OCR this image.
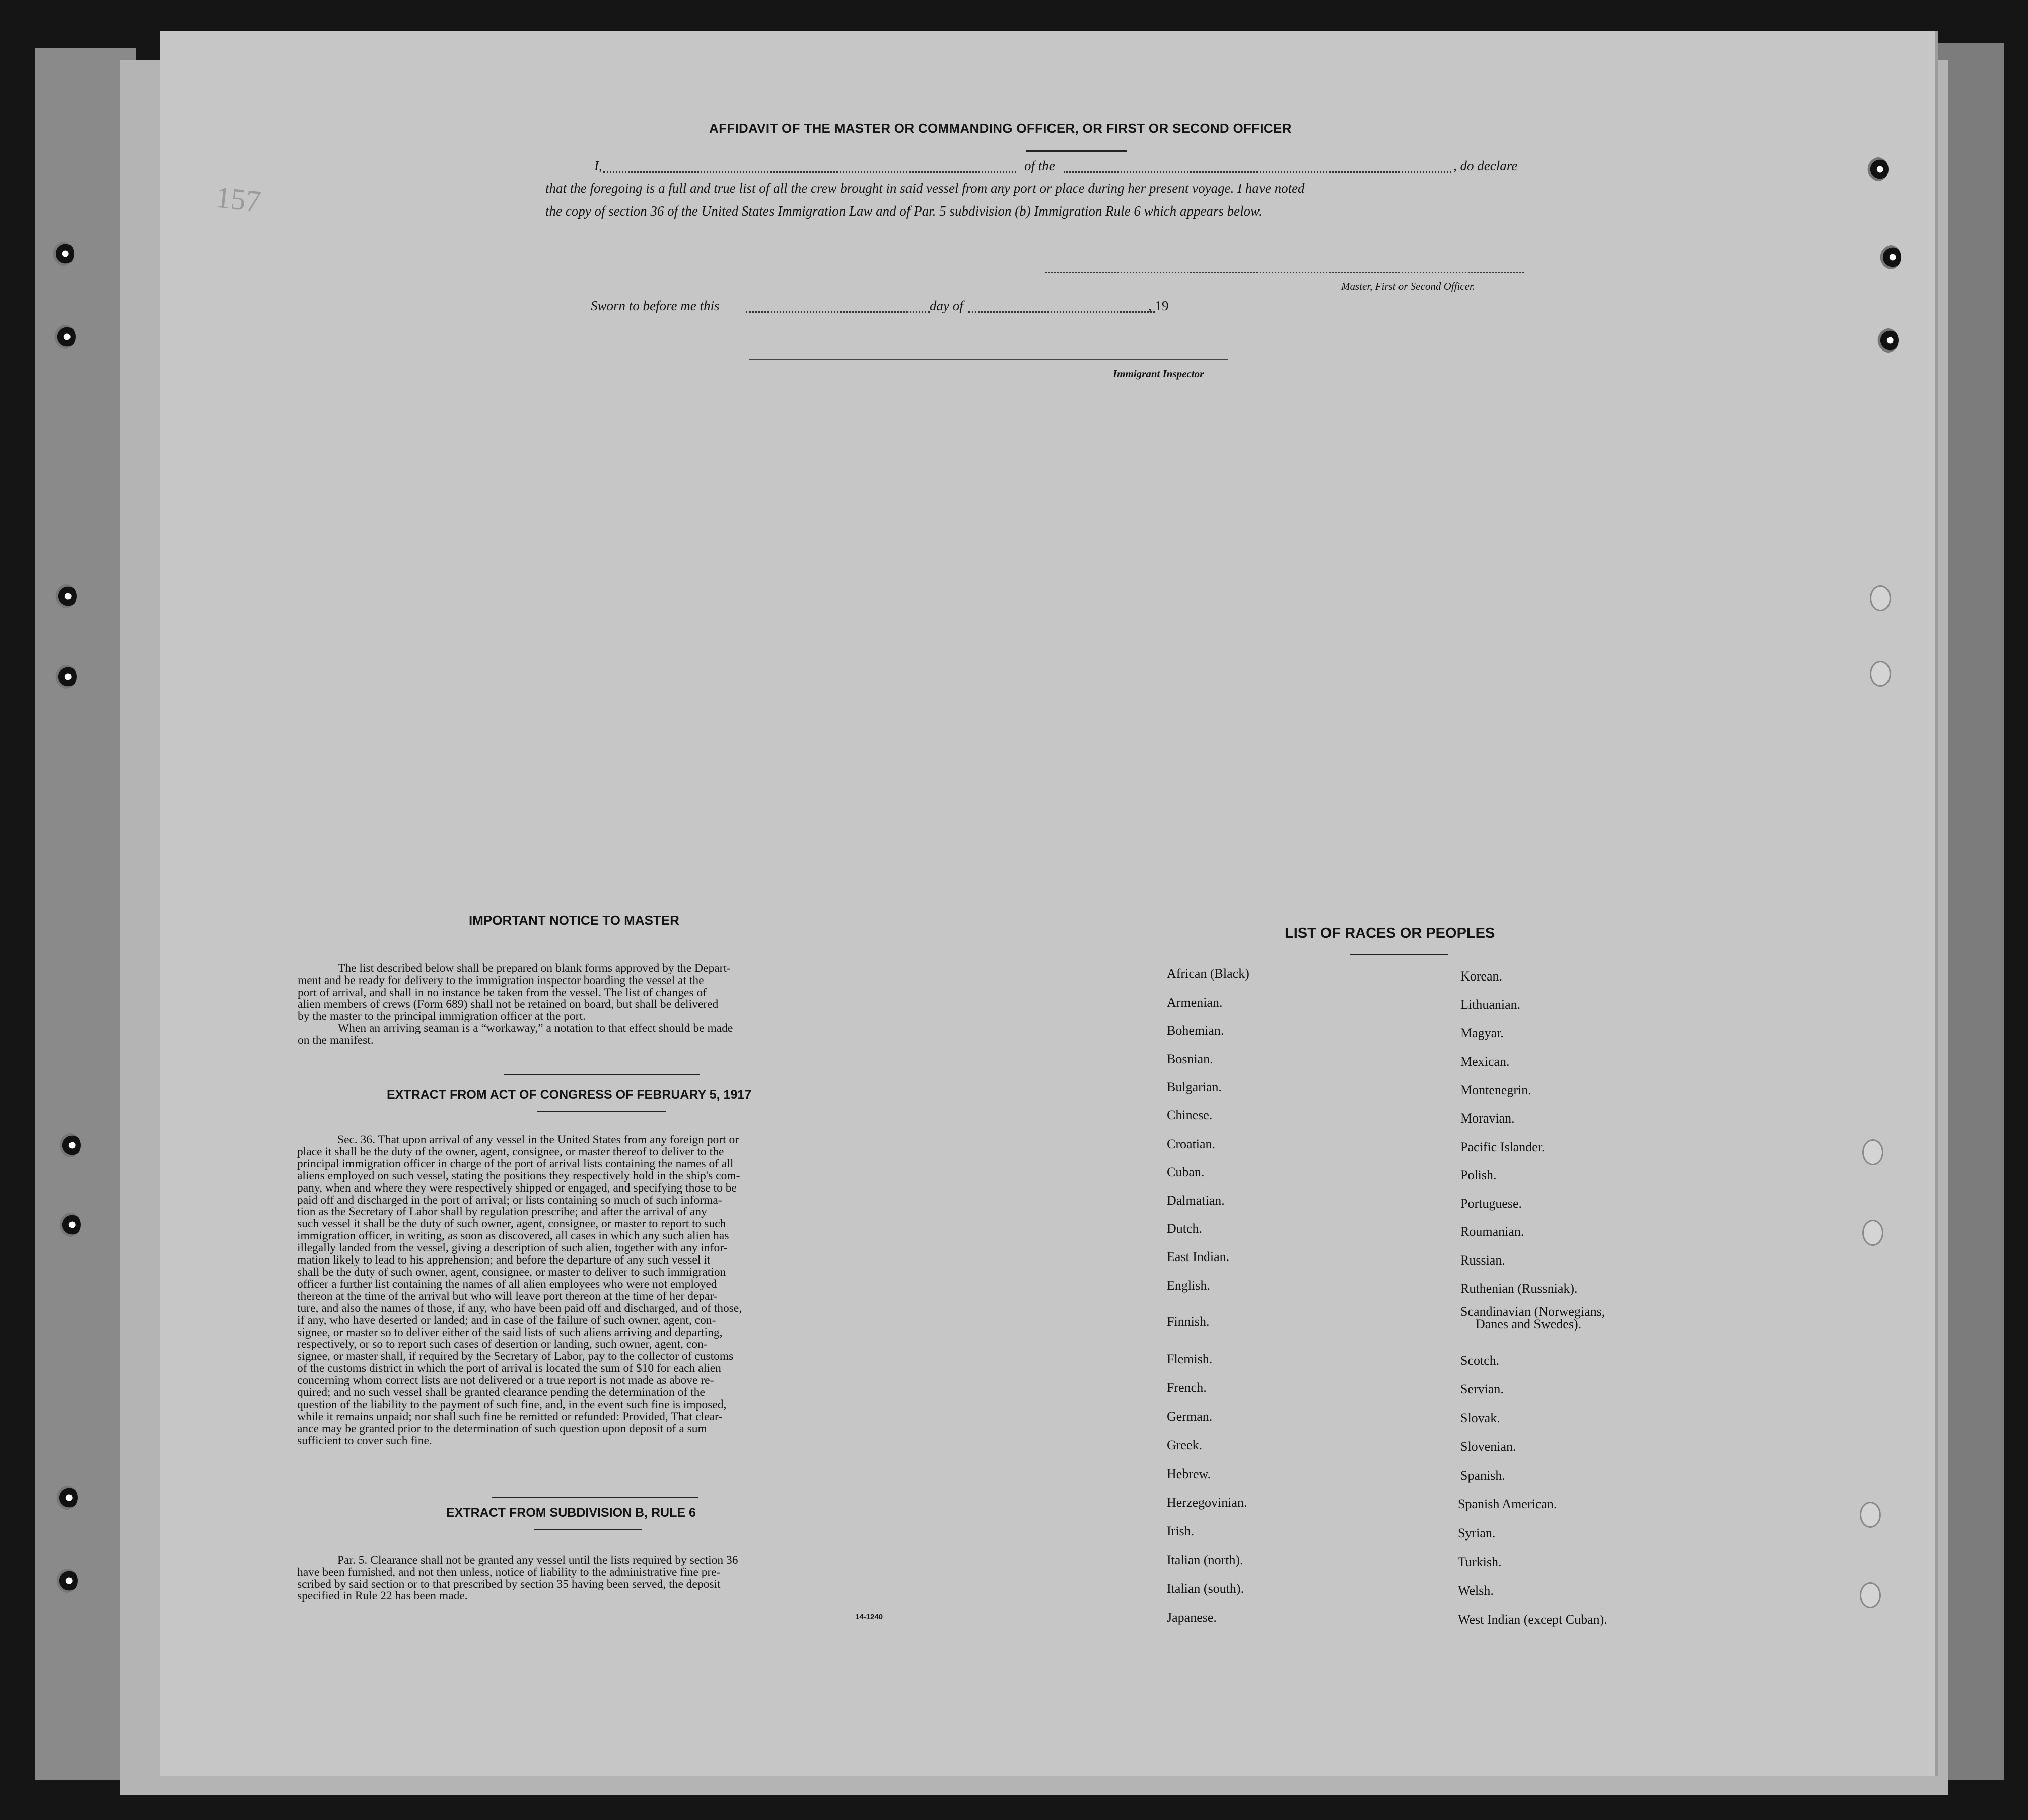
157
AFFIDAVIT OF THE MASTER OR COMMANDING OFFICER, OR FIRST OR SECOND OFFICER
I,	of the	, do declare
that the foregoing is a full and true list of all the crew brought in said vessel from any port or place during her present voyage. I have noted
the copy of section 36 of the United States Immigration Law and of Par. 5 subdivision (b) Immigration Rule 6 which appears below.
Master, First or Second Officer.
Sworn to before me this	day of	, 19
Immigrant Inspector
IMPORTANT NOTICE TO MASTER
The list described below shall be prepared on blank forms approved by the Depart-
ment and be ready for delivery to the immigration inspector boarding the vessel at the
port of arrival, and shall in no instance be taken from the vessel. The list of changes of
alien members of crews (Form 689) shall not be retained on board, but shall be delivered
by the master to the principal immigration officer at the port.
When an arriving seaman is a “workaway,” a notation to that effect should be made
on the manifest.
EXTRACT FROM ACT OF CONGRESS OF FEBRUARY 5, 1917
Sec. 36. That upon arrival of any vessel in the United States from any foreign port or
place it shall be the duty of the owner, agent, consignee, or master thereof to deliver to the
principal immigration officer in charge of the port of arrival lists containing the names of all
aliens employed on such vessel, stating the positions they respectively hold in the ship's com-
pany, when and where they were respectively shipped or engaged, and specifying those to be
paid off and discharged in the port of arrival; or lists containing so much of such informa-
tion as the Secretary of Labor shall by regulation prescribe; and after the arrival of any
such vessel it shall be the duty of such owner, agent, consignee, or master to report to such
immigration officer, in writing, as soon as discovered, all cases in which any such alien has
illegally landed from the vessel, giving a description of such alien, together with any infor-
mation likely to lead to his apprehension; and before the departure of any such vessel it
shall be the duty of such owner, agent, consignee, or master to deliver to such immigration
officer a further list containing the names of all alien employees who were not employed
thereon at the time of the arrival but who will leave port thereon at the time of her depar-
ture, and also the names of those, if any, who have been paid off and discharged, and of those,
if any, who have deserted or landed; and in case of the failure of such owner, agent, con-
signee, or master so to deliver either of the said lists of such aliens arriving and departing,
respectively, or so to report such cases of desertion or landing, such owner, agent, con-
signee, or master shall, if required by the Secretary of Labor, pay to the collector of customs
of the customs district in which the port of arrival is located the sum of $10 for each alien
concerning whom correct lists are not delivered or a true report is not made as above re-
quired; and no such vessel shall be granted clearance pending the determination of the
question of the liability to the payment of such fine, and, in the event such fine is imposed,
while it remains unpaid; nor shall such fine be remitted or refunded: Provided, That clear-
ance may be granted prior to the determination of such question upon deposit of a sum
sufficient to cover such fine.
EXTRACT FROM SUBDIVISION B, RULE 6
Par. 5. Clearance shall not be granted any vessel until the lists required by section 36
have been furnished, and not then unless, notice of liability to the administrative fine pre-
scribed by said section or to that prescribed by section 35 having been served, the deposit
specified in Rule 22 has been made.
14-1240
LIST OF RACES OR PEOPLES
African (Black)
Armenian.
Bohemian.
Bosnian.
Bulgarian.
Chinese.
Croatian.
Cuban.
Dalmatian.
Dutch.
East Indian.
English.
Finnish.
Flemish.
French.
German.
Greek.
Hebrew.
Herzegovinian.
Irish.
Italian (north).
Italian (south).
Japanese.
Korean.
Lithuanian.
Magyar.
Mexican.
Montenegrin.
Moravian.
Pacific Islander.
Polish.
Portuguese.
Roumanian.
Russian.
Ruthenian (Russniak).
Scandinavian (Norwegians,
Danes and Swedes).
Scotch.
Servian.
Slovak.
Slovenian.
Spanish.
Spanish American.
Syrian.
Turkish.
Welsh.
West Indian (except Cuban).
